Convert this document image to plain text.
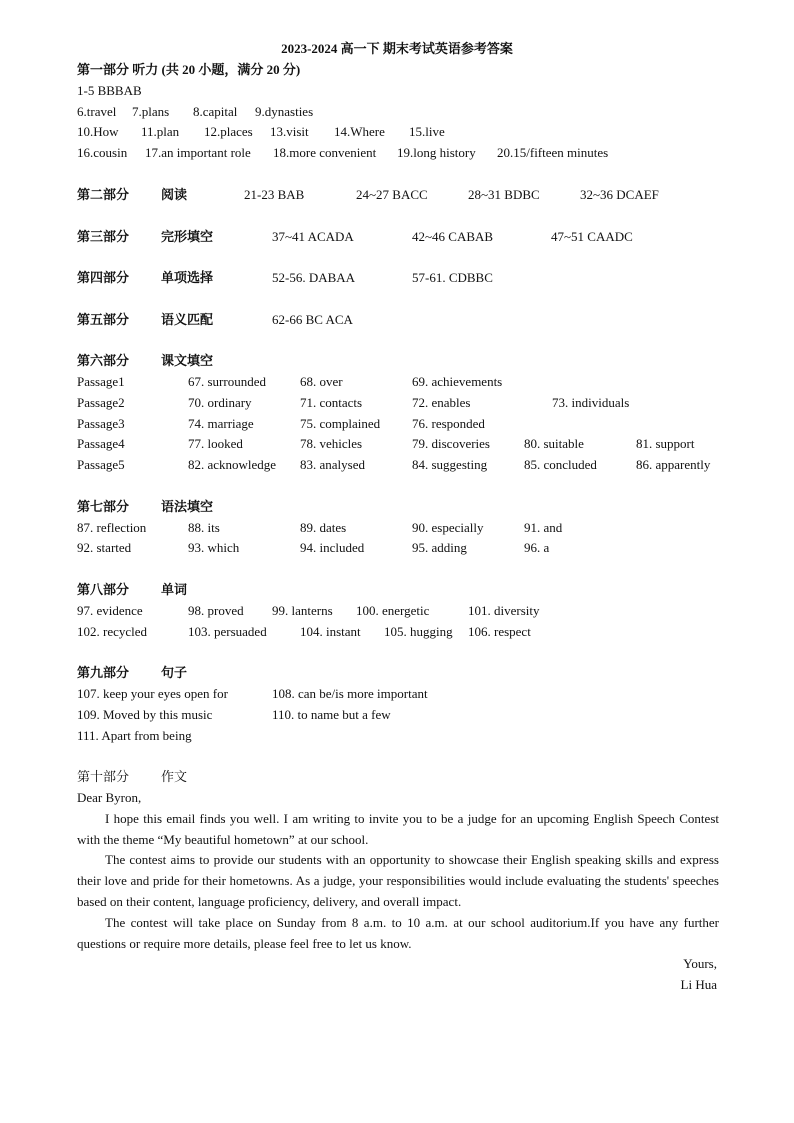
2023-2024 高一下 期末考试英语参考答案
第一部分 听力 (共 20 小题，满分 20 分)
1-5 BBBAB
6.travel 7.plans 8.capital 9.dynasties
10.How 11.plan 12.places 13.visit 14.Where 15.live
16.cousin 17.an important role 18.more convenient 19.long history 20.15/fifteen minutes
第二部分 阅读	21-23 BAB	24~27 BACC	28~31 BDBC	32~36 DCAEF
第三部分 完形填空	37~41 ACADA	42~46 CABAB	47~51 CAADC
第四部分 单项选择	52-56. DABAA	57-61. CDBBC
第五部分 语义匹配	62-66 BC ACA
第六部分 课文填空
Passage1	67. surrounded	68. over	69. achievements
Passage2	70. ordinary	71. contacts	72. enables	73. individuals
Passage3	74. marriage	75. complained 76. responded
Passage4	77. looked	78. vehicles	79. discoveries	80. suitable	81. support
Passage5	82. acknowledge 83. analysed	84. suggesting	85. concluded	86. apparently
第七部分 语法填空
87. reflection	88. its	89. dates	90. especially	91. and
92. started	93. which	94. included	95. adding	96. a
第八部分 单词
97. evidence	98. proved 99. lanterns 100. energetic	101. diversity
102. recycled	103. persuaded	104. instant 105. hugging 106. respect
第九部分 句子
107. keep your eyes open for	108. can be/is more important
109. Moved by this music	110. to name but a few
111. Apart from being
第十部分 作文
Dear Byron,
I hope this email finds you well. I am writing to invite you to be a judge for an upcoming English Speech Contest with the theme “My beautiful hometown” at our school.
The contest aims to provide our students with an opportunity to showcase their English speaking skills and express their love and pride for their hometowns. As a judge, your responsibilities would include evaluating the students' speeches based on their content, language proficiency, delivery, and overall impact.
The contest will take place on Sunday from 8 a.m. to 10 a.m. at our school auditorium.If you have any further questions or require more details, please feel free to let us know.
Yours,
Li Hua
